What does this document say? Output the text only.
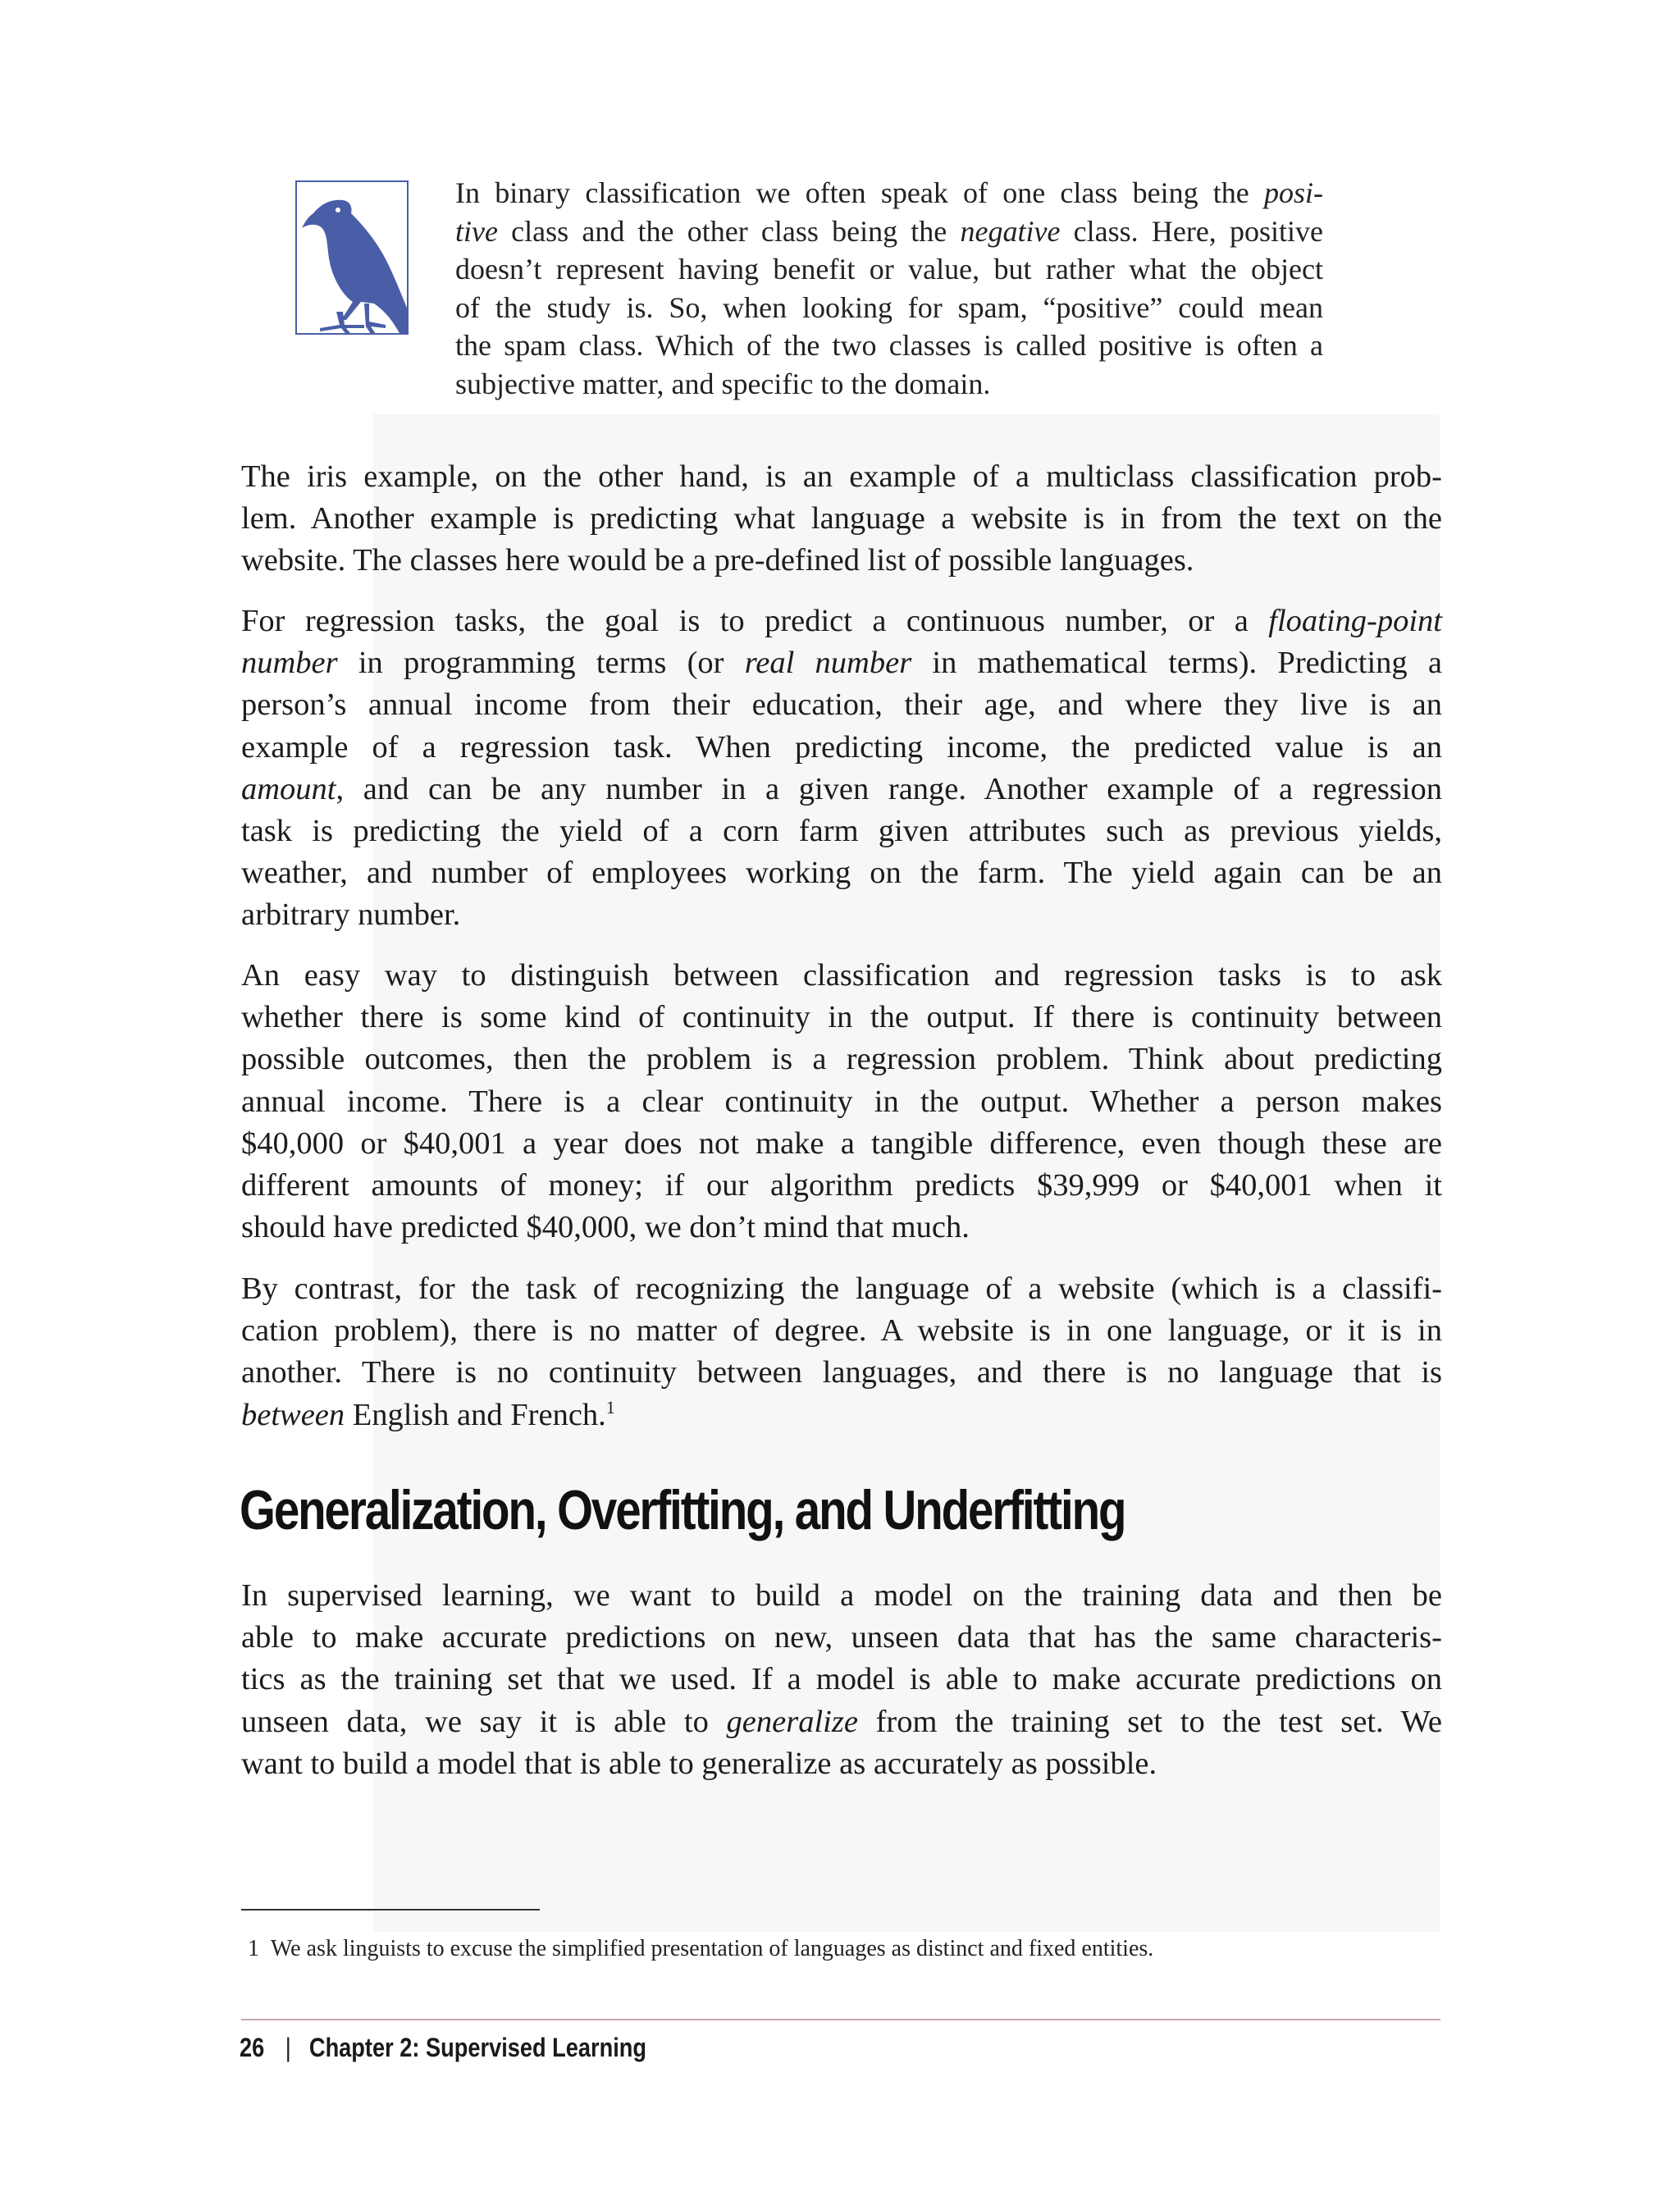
In binary classification we often speak of one class being the posi-
tive class and the other class being the negative class. Here, positive
doesn’t represent having benefit or value, but rather what the object
of the study is. So, when looking for spam, “positive” could mean
the spam class. Which of the two classes is called positive is often a
subjective matter, and specific to the domain.
The iris example, on the other hand, is an example of a multiclass classification prob-
lem. Another example is predicting what language a website is in from the text on the
website. The classes here would be a pre-defined list of possible languages.
For regression tasks, the goal is to predict a continuous number, or a floating-point
number in programming terms (or real number in mathematical terms). Predicting a
person’s annual income from their education, their age, and where they live is an
example of a regression task. When predicting income, the predicted value is an
amount, and can be any number in a given range. Another example of a regression
task is predicting the yield of a corn farm given attributes such as previous yields,
weather, and number of employees working on the farm. The yield again can be an
arbitrary number.
An easy way to distinguish between classification and regression tasks is to ask
whether there is some kind of continuity in the output. If there is continuity between
possible outcomes, then the problem is a regression problem. Think about predicting
annual income. There is a clear continuity in the output. Whether a person makes
$40,000 or $40,001 a year does not make a tangible difference, even though these are
different amounts of money; if our algorithm predicts $39,999 or $40,001 when it
should have predicted $40,000, we don’t mind that much.
By contrast, for the task of recognizing the language of a website (which is a classifi-
cation problem), there is no matter of degree. A website is in one language, or it is in
another. There is no continuity between languages, and there is no language that is
between English and French.$^1$
Generalization, Overfitting, and Underfitting
In supervised learning, we want to build a model on the training data and then be
able to make accurate predictions on new, unseen data that has the same characteris-
tics as the training set that we used. If a model is able to make accurate predictions on
unseen data, we say it is able to generalize from the training set to the test set. We
want to build a model that is able to generalize as accurately as possible.
1 We ask linguists to excuse the simplified presentation of languages as distinct and fixed entities.
26 | Chapter 2: Supervised Learning
